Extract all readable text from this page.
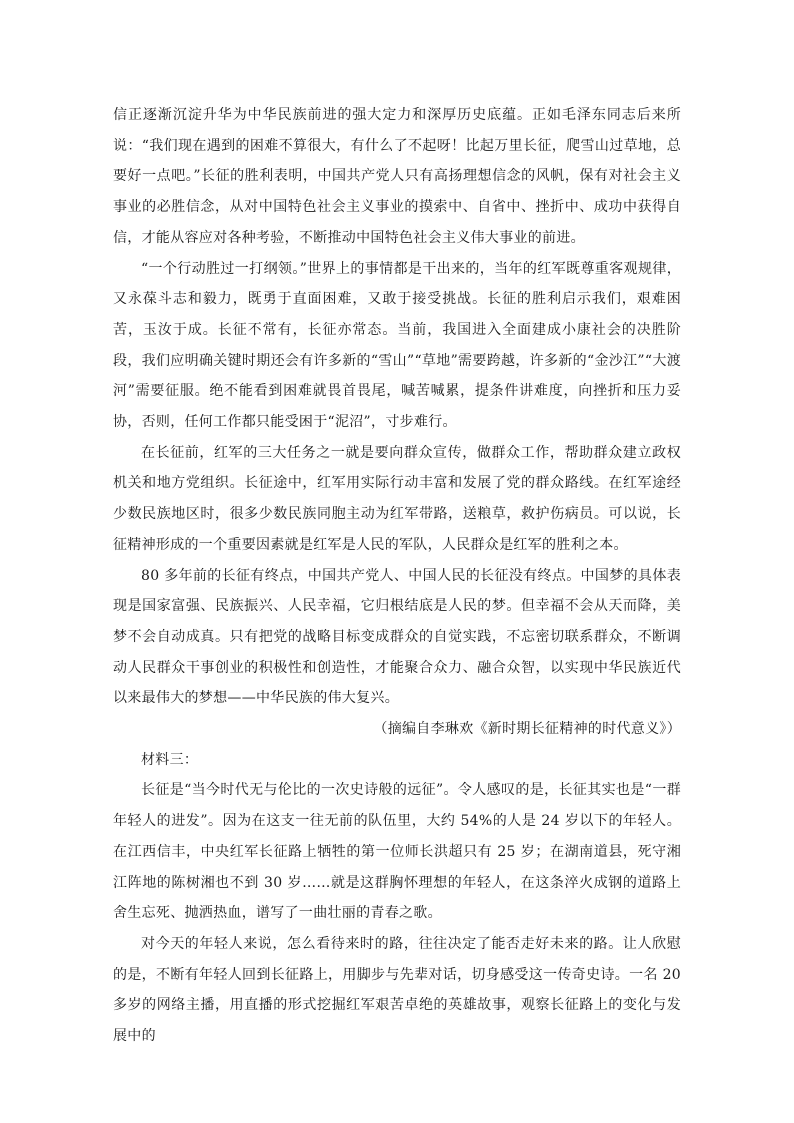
信正逐渐沉淀升华为中华民族前进的强大定力和深厚历史底蕴。正如毛泽东同志后来所说：“我们现在遇到的困难不算很大，有什么了不起呀！比起万里长征，爬雪山过草地，总要好一点吧。”长征的胜利表明，中国共产党人只有高扬理想信念的风帆，保有对社会主义事业的必胜信念，从对中国特色社会主义事业的摸索中、自省中、挫折中、成功中获得自信，才能从容应对各种考验，不断推动中国特色社会主义伟大事业的前进。

“一个行动胜过一打纲领。”世界上的事情都是干出来的，当年的红军既尊重客观规律，又永葆斗志和毅力，既勇于直面困难，又敢于接受挑战。长征的胜利启示我们，艰难困苦，玉汝于成。长征不常有，长征亦常态。当前，我国进入全面建成小康社会的决胜阶段，我们应明确关键时期还会有许多新的“雪山”“草地”需要跨越，许多新的“金沙江”“大渡河”需要征服。绝不能看到困难就畏首畏尾，喊苦喊累，提条件讲难度，向挫折和压力妥协，否则，任何工作都只能受困于“泥沼”，寸步难行。

在长征前，红军的三大任务之一就是要向群众宣传，做群众工作，帮助群众建立政权机关和地方党组织。长征途中，红军用实际行动丰富和发展了党的群众路线。在红军途经少数民族地区时，很多少数民族同胞主动为红军带路，送粮草，救护伤病员。可以说，长征精神形成的一个重要因素就是红军是人民的军队，人民群众是红军的胜利之本。

80 多年前的长征有终点，中国共产党人、中国人民的长征没有终点。中国梦的具体表现是国家富强、民族振兴、人民幸福，它归根结底是人民的梦。但幸福不会从天而降，美梦不会自动成真。只有把党的战略目标变成群众的自觉实践，不忘密切联系群众，不断调动人民群众干事创业的积极性和创造性，才能聚合众力、融合众智，以实现中华民族近代以来最伟大的梦想——中华民族的伟大复兴。

（摘编自李琳欢《新时期长征精神的时代意义》）

材料三：

长征是“当今时代无与伦比的一次史诗般的远征”。令人感叹的是，长征其实也是“一群年轻人的进发”。因为在这支一往无前的队伍里，大约 54%的人是 24 岁以下的年轻人。在江西信丰，中央红军长征路上牺牲的第一位师长洪超只有 25 岁；在湖南道县，死守湘江阵地的陈树湘也不到 30 岁……就是这群胸怀理想的年轻人，在这条淬火成钢的道路上舍生忘死、抛洒热血，谱写了一曲壮丽的青春之歌。

对今天的年轻人来说，怎么看待来时的路，往往决定了能否走好未来的路。让人欣慰的是，不断有年轻人回到长征路上，用脚步与先辈对话，切身感受这一传奇史诗。一名 20 多岁的网络主播，用直播的形式挖掘红军艰苦卓绝的英雄故事，观察长征路上的变化与发展中的
